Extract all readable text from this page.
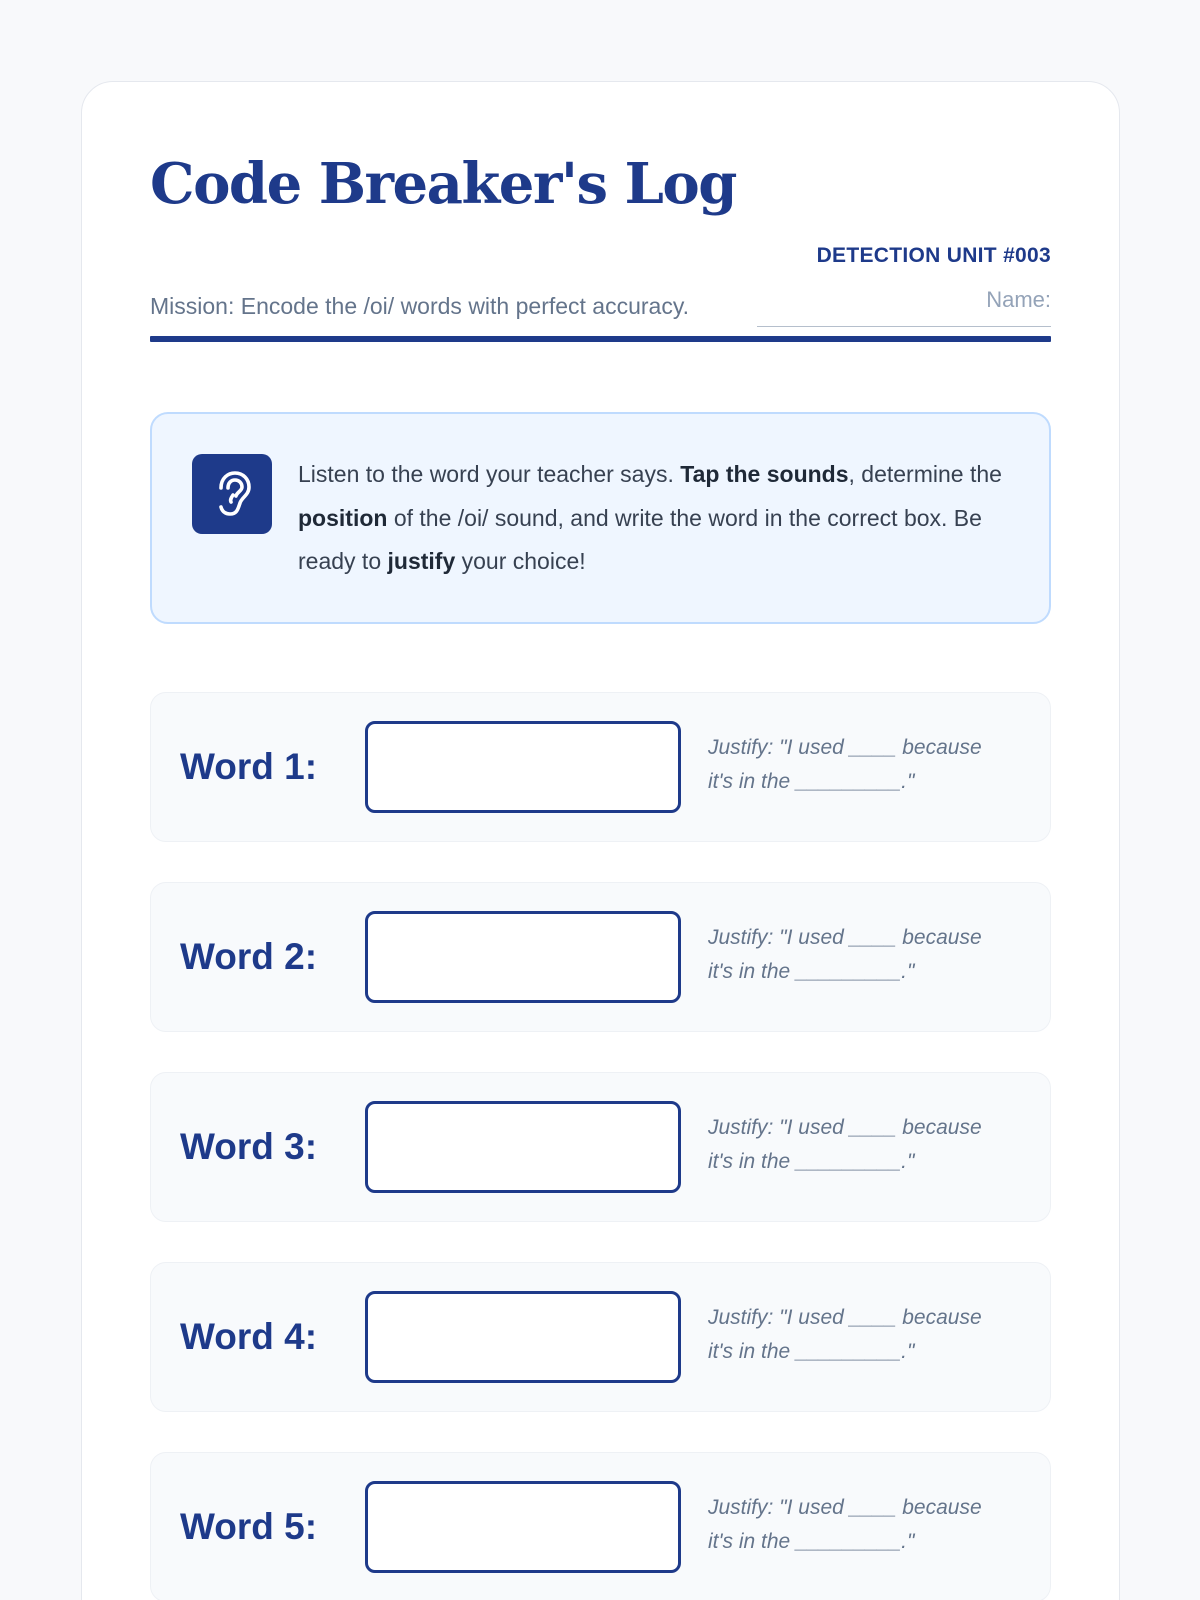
Code Breaker's Log

Mission: Encode the /oi/ words with perfect accuracy.

DETECTION UNIT #003
Name:

Listen to the word your teacher says. Tap the sounds, determine the position of the /oi/ sound, and write the word in the correct box. Be ready to justify your choice!

Word 1:	Justify: "I used ____ because
it's in the _________."
Word 2:	Justify: "I used ____ because
it's in the _________."
Word 3:	Justify: "I used ____ because
it's in the _________."
Word 4:	Justify: "I used ____ because
it's in the _________."
Word 5:	Justify: "I used ____ because
it's in the _________."
